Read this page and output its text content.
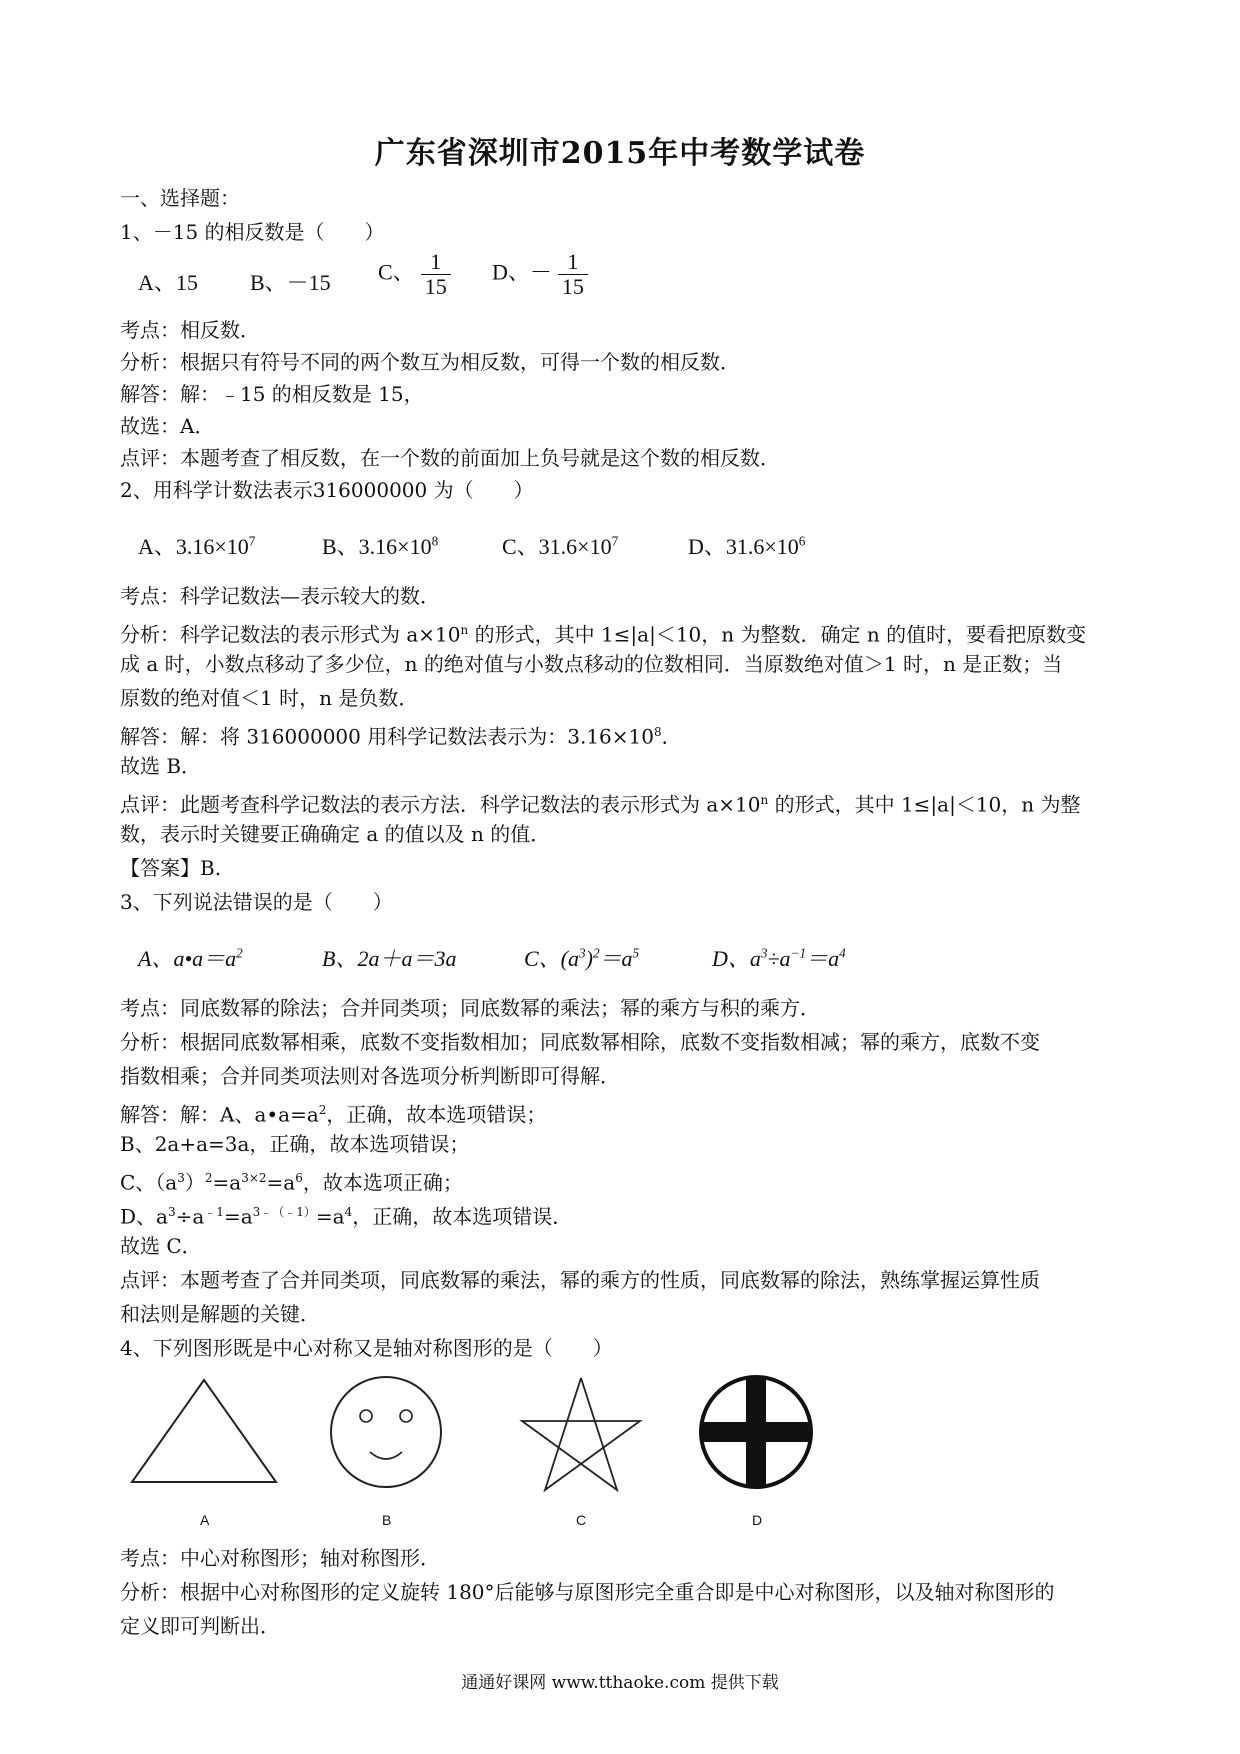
广东省深圳市2015年中考数学试卷
一、选择题：
1、－15 的相反数是（　　）
A、15 B、－15 C、 $\frac{1}{15}$ D、－ $\frac{1}{15}$
考点：相反数．
分析：根据只有符号不同的两个数互为相反数，可得一个数的相反数．
解答：解：﹣15 的相反数是 15，
故选：A．
点评：本题考查了相反数，在一个数的前面加上负号就是这个数的相反数．
2、用科学计数法表示316000000 为（　　）
A、$3.16\times 10^7$	B、$3.16\times 10^8$	C、$31.6\times 10^7$	D、$31.6\times 10^6$
考点：科学记数法—表示较大的数．
分析：科学记数法的表示形式为 $a\times 10^n$ 的形式，其中 1≤|a|＜10，n 为整数．确定 n 的值时，要看把原数变
成 a 时，小数点移动了多少位，n 的绝对值与小数点移动的位数相同．当原数绝对值＞1 时，n 是正数；当
原数的绝对值＜1 时，n 是负数．
解答：解：将 316000000 用科学记数法表示为：$3.16\times 10^8$．
故选 B．
点评：此题考查科学记数法的表示方法．科学记数法的表示形式为 $a\times 10^n$ 的形式，其中 1≤|a|＜10，n 为整
数，表示时关键要正确确定 a 的值以及 n 的值．
【答案】B.
3、下列说法错误的是（　　）
A、$a•a=a^2$	B、2a＋a＝3a	C、$(a^3)^2=a^5$	D、$a^3\div a^{-1}=a^4$
考点：同底数幂的除法；合并同类项；同底数幂的乘法；幂的乘方与积的乘方．
分析：根据同底数幂相乘，底数不变指数相加；同底数幂相除，底数不变指数相减；幂的乘方，底数不变
指数相乘；合并同类项法则对各选项分析判断即可得解．
解答：解：A、$a•a=a^2$，正确，故本选项错误；
B、2a+a=3a，正确，故本选项错误；
C、$(a^3)^2=a^{3\times 2}=a^6$，故本选项正确；
D、$a^3\div a^{﹣1}=a^{3﹣(﹣1)}=a^4$，正确，故本选项错误．
故选 C．
点评：本题考查了合并同类项，同底数幂的乘法，幂的乘方的性质，同底数幂的除法，熟练掌握运算性质
和法则是解题的关键．
4、下列图形既是中心对称又是轴对称图形的是（　　）
A	B	C	D
考点：中心对称图形；轴对称图形．
分析：根据中心对称图形的定义旋转 180°后能够与原图形完全重合即是中心对称图形，以及轴对称图形的
定义即可判断出．
通通好课网 www.tthaoke.com 提供下载
